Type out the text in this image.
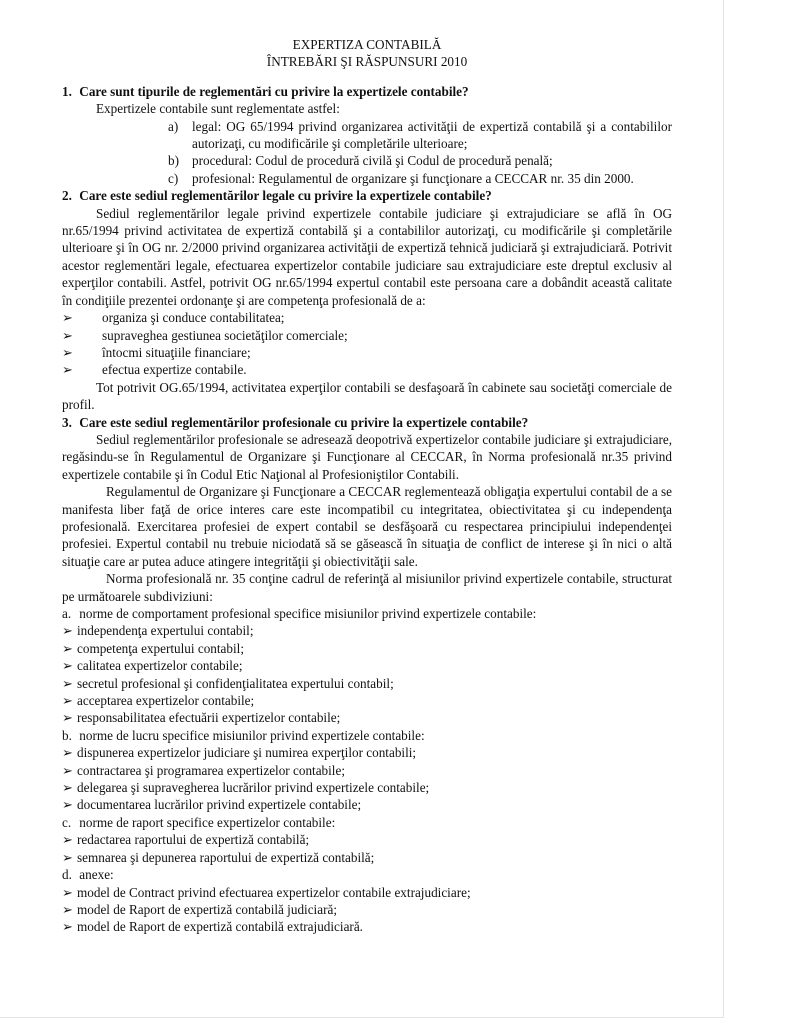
EXPERTIZA CONTABILĂ

ÎNTREBĂRI ŞI RĂSPUNSURI 2010

1. Care sunt tipurile de reglementări cu privire la expertizele contabile?

Expertizele contabile sunt reglementate astfel:

a)	legal: OG 65/1994 privind organizarea activităţii de expertiză contabilă şi a contabililor autorizaţi, cu modificările şi completările ulterioare;
b) procedural: Codul de procedură civilă şi Codul de procedură penală;
c)	profesional: Regulamentul de organizare şi funcţionare a CECCAR nr. 35 din 2000.

2. Care este sediul reglementărilor legale cu privire la expertizele contabile?

Sediul reglementărilor legale privind expertizele contabile judiciare şi extrajudiciare se află în OG nr.65/1994 privind activitatea de expertiză contabilă şi a contabililor autorizaţi, cu modificările şi completările ulterioare şi în OG nr. 2/2000 privind organizarea activităţii de expertiză tehnică judiciară şi extrajudiciară. Potrivit acestor reglementări legale, efectuarea expertizelor contabile judiciare sau extrajudiciare este dreptul exclusiv al experţilor contabili. Astfel, potrivit OG nr.65/1994 expertul contabil este persoana care a dobândit această calitate în condiţiile prezentei ordonanţe şi are competenţa profesională de a:

➢	organiza şi conduce contabilitatea;
➢	supraveghea gestiunea societăţilor comerciale;
➢	întocmi situaţiile financiare;
➢	efectua expertize contabile.

Tot potrivit OG.65/1994, activitatea experţilor contabili se desfaşoară în cabinete sau societăţi comerciale de profil.

3. Care este sediul reglementărilor profesionale cu privire la expertizele contabile?

Sediul reglementărilor profesionale se adresează deopotrivă expertizelor contabile judiciare şi extrajudiciare, regăsindu-se în Regulamentul de Organizare şi Funcţionare al CECCAR, în Norma profesională nr.35 privind expertizele contabile şi în Codul Etic Naţional al Profesioniştilor Contabili.

Regulamentul de Organizare şi Funcţionare a CECCAR reglementează obligaţia expertului contabil de a se manifesta liber faţă de orice interes care este incompatibil cu integritatea, obiectivitatea şi cu independenţa profesională. Exercitarea profesiei de expert contabil se desfăşoară cu respectarea principiului independenţei profesiei. Expertul contabil nu trebuie niciodată să se găsească în situaţia de conflict de interese şi în nici o altă situaţie care ar putea aduce atingere integrităţii şi obiectivităţii sale.

Norma profesională nr. 35 conţine cadrul de referinţă al misiunilor privind expertizele contabile, structurat pe următoarele subdiviziuni:

a. norme de comportament profesional specifice misiunilor privind expertizele contabile:

➢ independenţa expertului contabil;

➢ competenţa expertului contabil;

➢ calitatea expertizelor contabile;

➢ secretul profesional şi confidenţialitatea expertului contabil;

➢ acceptarea expertizelor contabile;

➢ responsabilitatea efectuării expertizelor contabile;

b. norme de lucru specifice misiunilor privind expertizele contabile:

➢ dispunerea expertizelor judiciare şi numirea experţilor contabili;

➢ contractarea şi programarea expertizelor contabile;

➢ delegarea şi supravegherea lucrărilor privind expertizele contabile;

➢ documentarea lucrărilor privind expertizele contabile;

c. norme de raport specifice expertizelor contabile:

➢ redactarea raportului de expertiză contabilă;

➢ semnarea şi depunerea raportului de expertiză contabilă;

d. anexe:

➢ model de Contract privind efectuarea expertizelor contabile extrajudiciare;

➢ model de Raport de expertiză contabilă judiciară;

➢ model de Raport de expertiză contabilă extrajudiciară.
